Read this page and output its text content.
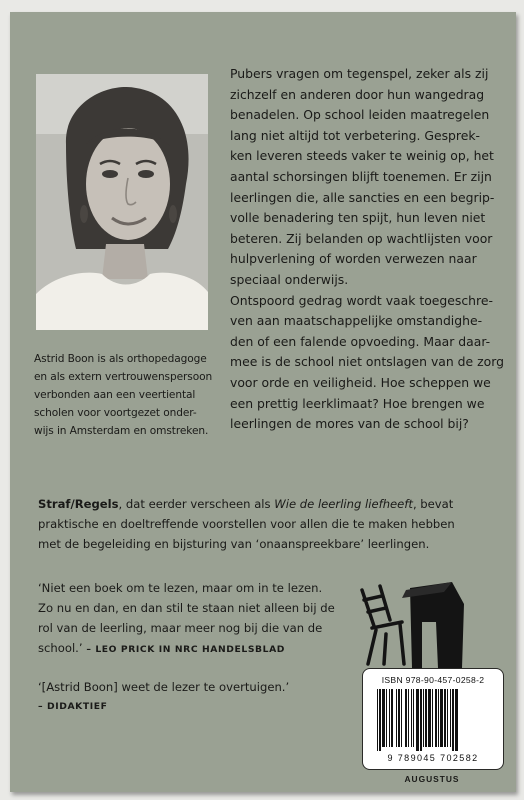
Astrid Boon is als orthopedagoge
en als extern vertrouwenspersoon
verbonden aan een veertiental
scholen voor voortgezet onder-
wijs in Amsterdam en omstreken.
Pubers vragen om tegenspel, zeker als zij
zichzelf en anderen door hun wangedrag
benadelen. Op school leiden maatregelen
lang niet altijd tot verbetering. Gesprek-
ken leveren steeds vaker te weinig op, het
aantal schorsingen blijft toenemen. Er zijn
leerlingen die, alle sancties en een begrip-
volle benadering ten spijt, hun leven niet
beteren. Zij belanden op wachtlijsten voor
hulpverlening of worden verwezen naar
speciaal onderwijs.
Ontspoord gedrag wordt vaak toegeschre-
ven aan maatschappelijke omstandighe-
den of een falende opvoeding. Maar daar-
mee is de school niet ontslagen van de zorg
voor orde en veiligheid. Hoe scheppen we
een prettig leerklimaat? Hoe brengen we
leerlingen de mores van de school bij?
Straf/Regels, dat eerder verscheen als Wie de leerling liefheeft, bevat
praktische en doeltreffende voorstellen voor allen die te maken hebben
met de begeleiding en bijsturing van ‘onaanspreekbare’ leerlingen.
‘Niet een boek om te lezen, maar om in te lezen.
Zo nu en dan, en dan stil te staan niet alleen bij de
rol van de leerling, maar meer nog bij die van de
school.’ – LEO PRICK IN NRC HANDELSBLAD
‘[Astrid Boon] weet de lezer te overtuigen.’
– DIDAKTIEF
ISBN 978-90-457-0258-2
9 789045 702582
AUGUSTUS
